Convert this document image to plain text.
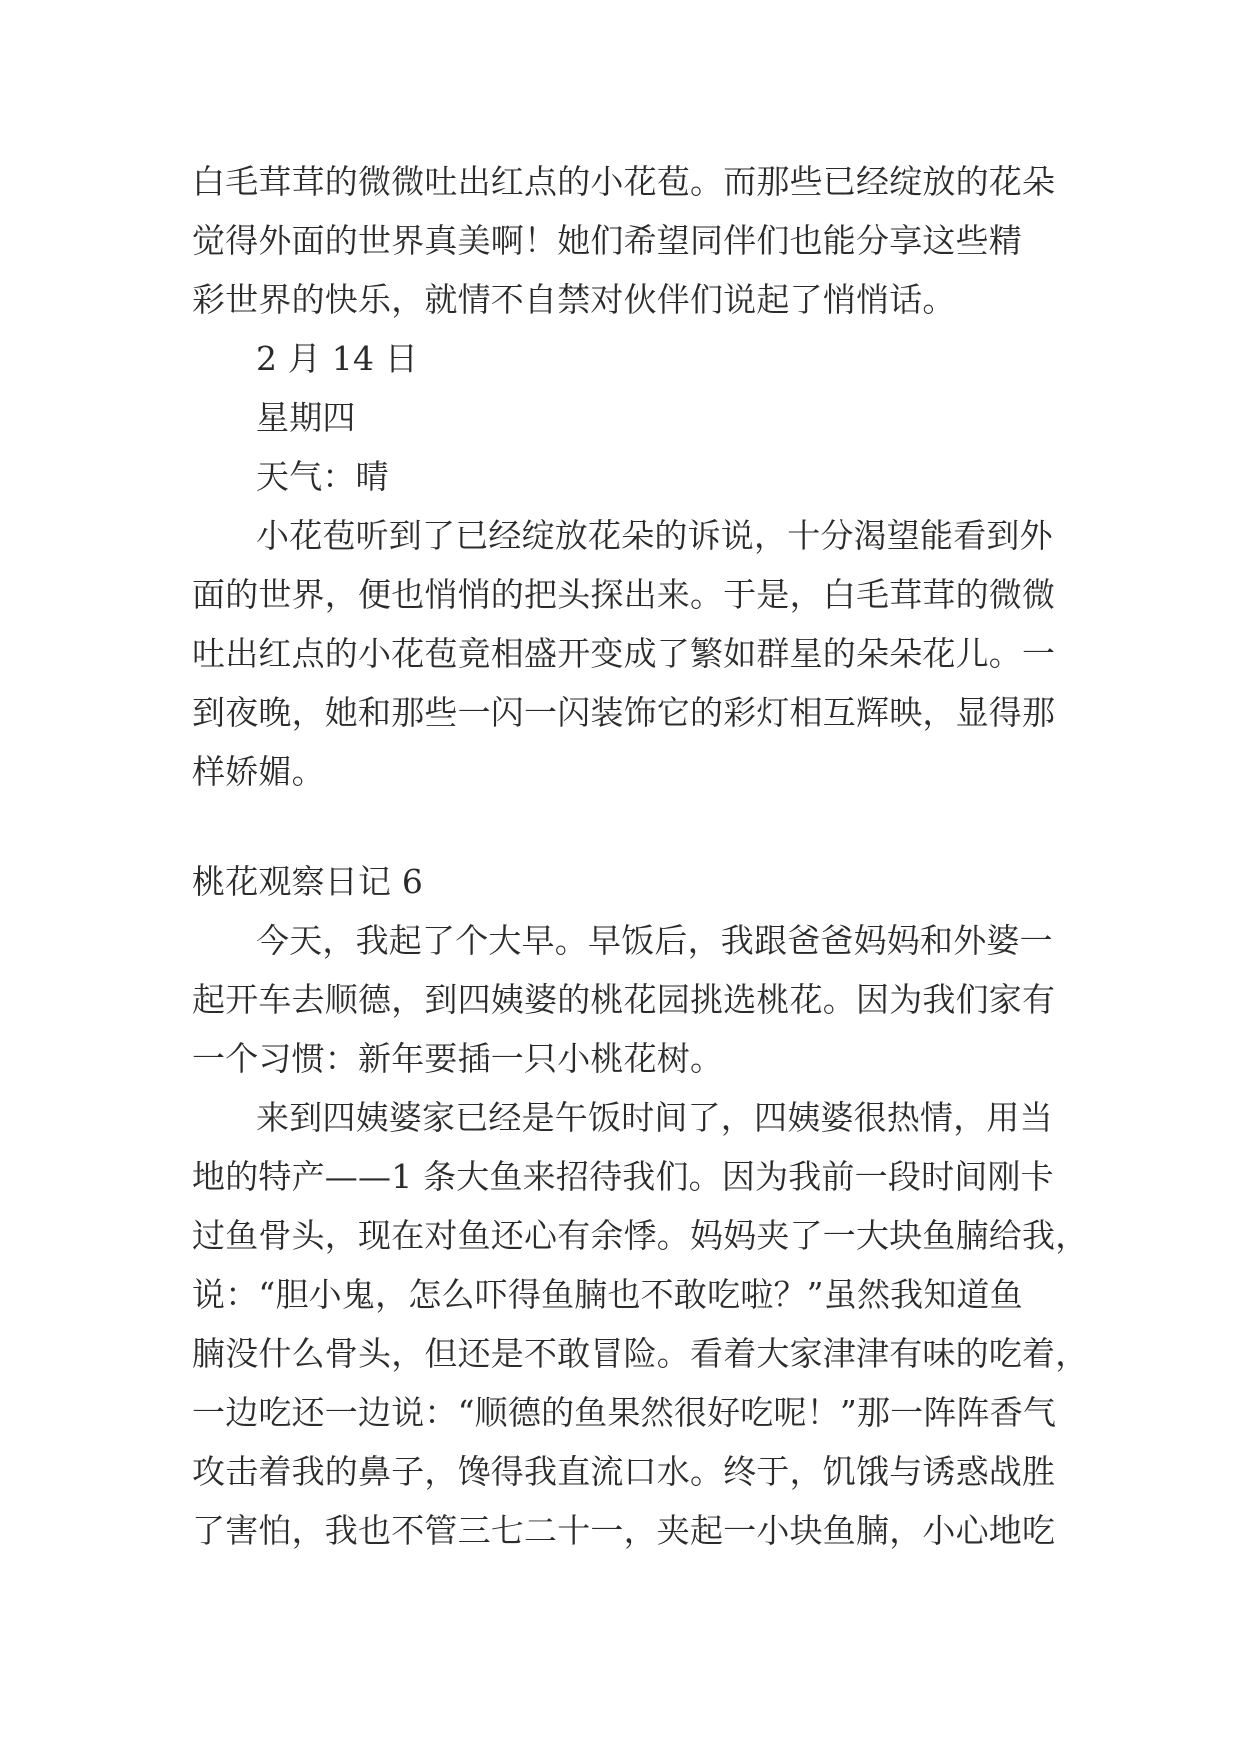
白毛茸茸的微微吐出红点的小花苞。而那些已经绽放的花朵
觉得外面的世界真美啊！她们希望同伴们也能分享这些精
彩世界的快乐，就情不自禁对伙伴们说起了悄悄话。
2 月 14 日
星期四
天气：晴
小花苞听到了已经绽放花朵的诉说，十分渴望能看到外
面的世界，便也悄悄的把头探出来。于是，白毛茸茸的微微
吐出红点的小花苞竟相盛开变成了繁如群星的朵朵花儿。一
到夜晚，她和那些一闪一闪装饰它的彩灯相互辉映，显得那
样娇媚。
桃花观察日记 6
今天，我起了个大早。早饭后，我跟爸爸妈妈和外婆一
起开车去顺德，到四姨婆的桃花园挑选桃花。因为我们家有
一个习惯：新年要插一只小桃花树。
来到四姨婆家已经是午饭时间了，四姨婆很热情，用当
地的特产——1 条大鱼来招待我们。因为我前一段时间刚卡
过鱼骨头，现在对鱼还心有余悸。妈妈夹了一大块鱼腩给我，
说：“胆小鬼，怎么吓得鱼腩也不敢吃啦？”虽然我知道鱼
腩没什么骨头，但还是不敢冒险。看着大家津津有味的吃着，
一边吃还一边说：“顺德的鱼果然很好吃呢！”那一阵阵香气
攻击着我的鼻子，馋得我直流口水。终于，饥饿与诱惑战胜
了害怕，我也不管三七二十一，夹起一小块鱼腩，小心地吃
